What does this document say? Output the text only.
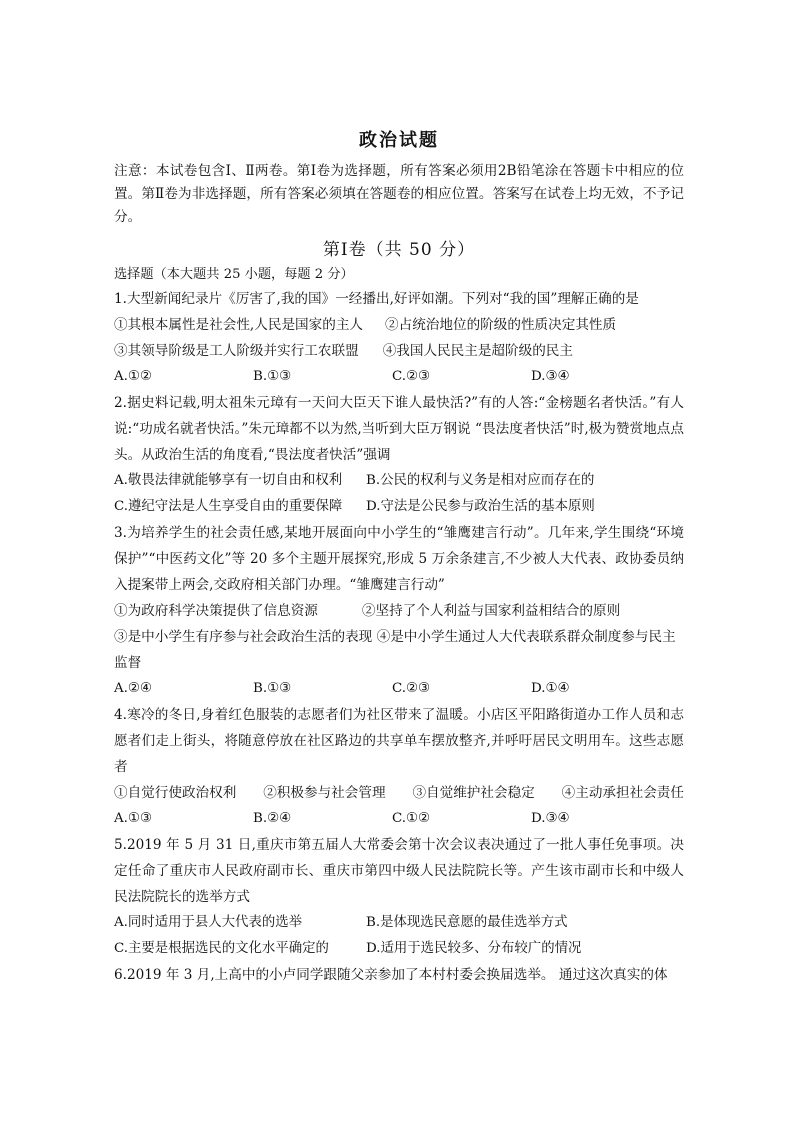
政治试题

注意：本试卷包含Ⅰ、Ⅱ两卷。第Ⅰ卷为选择题，所有答案必须用2B铅笔涂在答题卡中相应的位置。第Ⅱ卷为非选择题，所有答案必须填在答题卷的相应位置。答案写在试卷上均无效，不予记分。

第Ⅰ卷（共 50 分）

选择题（本大题共 25 小题，每题 2 分）

1.大型新闻纪录片《厉害了,我的国》一经播出,好评如潮。下列对“我的国”理解正确的是

①其根本属性是社会性,人民是国家的主人 ②占统治地位的阶级的性质决定其性质
③其领导阶级是工人阶级并实行工农联盟 ④我国人民民主是超阶级的民主
A.①②	B.①③	C.②③	D.③④

2.据史料记载,明太祖朱元璋有一天问大臣天下谁人最快活?”有的人答:“金榜题名者快活。”有人说:“功成名就者快活。”朱元璋都不以为然,当听到大臣万钢说 “畏法度者快活”时,极为赞赏地点点头。从政治生活的角度看,“畏法度者快活”强调

A.敬畏法律就能够享有一切自由和权利	B.公民的权利与义务是相对应而存在的
C.遵纪守法是人生享受自由的重要保障	D.守法是公民参与政治生活的基本原则

3.为培养学生的社会责任感,某地开展面向中小学生的“雏鹰建言行动”。几年来,学生围绕“环境保护”“中医药文化”等 20 多个主题开展探究,形成 5 万余条建言,不少被人大代表、政协委员纳入提案带上两会,交政府相关部门办理。“雏鹰建言行动”

①为政府科学决策提供了信息资源	②坚持了个人利益与国家利益相结合的原则
③是中小学生有序参与社会政治生活的表现 ④是中小学生通过人大代表联系群众制度参与民主监督
A.②④	B.①③	C.②③	D.①④

4.寒冷的冬日,身着红色服装的志愿者们为社区带来了温暖。小店区平阳路街道办工作人员和志愿者们走上街头，将随意停放在社区路边的共享单车摆放整齐,并呼吁居民文明用车。这些志愿者

①自觉行使政治权利 ②积极参与社会管理 ③自觉维护社会稳定 ④主动承担社会责任
A.①③	B.②④	C.①②	D.③④

5.2019 年 5 月 31 日,重庆市第五届人大常委会第十次会议表决通过了一批人事任免事项。决定任命了重庆市人民政府副市长、重庆市第四中级人民法院院长等。产生该市副市长和中级人民法院院长的选举方式

A.同时适用于县人大代表的选举	B.是体现选民意愿的最佳选举方式
C.主要是根据选民的文化水平确定的	D.适用于选民较多、分布较广的情况

6.2019 年 3 月,上高中的小卢同学跟随父亲参加了本村村委会换届选举。 通过这次真实的体
